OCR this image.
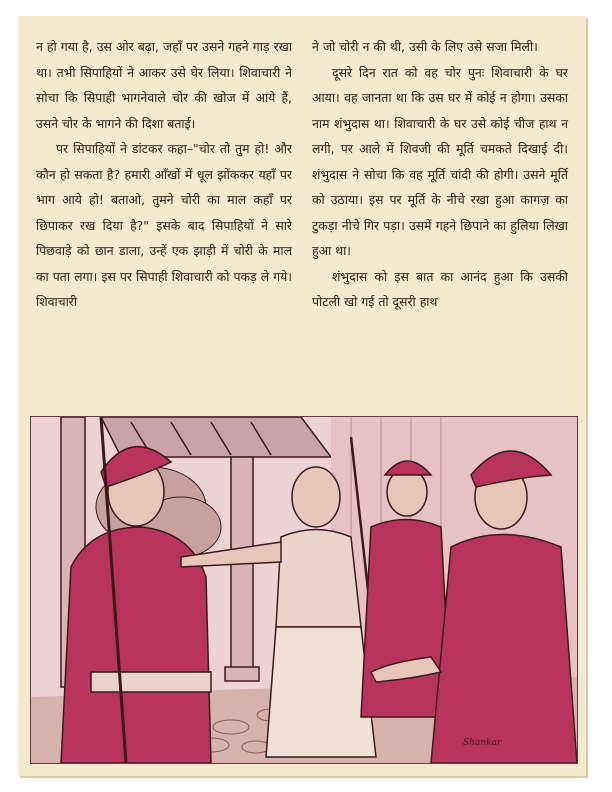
न हो गया है, उस ओर बढ़ा, जहाँ पर उसने गहने गाड़ रखा था। तभी सिपाहियों ने आकर उसे घेर लिया। शिवाचारी ने सोचा कि सिपाही भागनेवाले चोर की खोज में आये हैं, उसने चोर के भागने की दिशा बताई।

पर सिपाहियों ने डांटकर कहा–"चोर तो तुम हो! और कौन हो सकता है? हमारी आँखों में धूल झोंककर यहाँ पर भाग आये हो! बताओ, तुमने चोरी का माल कहाँ पर छिपाकर रख दिया है?" इसके बाद सिपाहियों ने सारे पिछवाड़े को छान डाला, उन्हें एक झाड़ी में चोरी के माल का पता लगा। इस पर सिपाही शिवाचारी को पकड़ ले गये। शिवाचारी

ने जो चोरी न की थी, उसी के लिए उसे सजा मिली।

दूसरे दिन रात को वह चोर पुनः शिवाचारी के घर आया। वह जानता था कि उस घर में कोई न होगा। उसका नाम शंभुदास था। शिवाचारी के घर उसे कोई चीज हाथ न लगी, पर आले में शिवजी की मूर्ति चमकते दिखाई दी। शंभुदास ने सोचा कि वह मूर्ति चांदी की होगी। उसने मूर्ति को उठाया। इस पर मूर्ति के नीचे रखा हुआ कागज़ का टुकड़ा नीचे गिर पड़ा। उसमें गहने छिपाने का हुलिया लिखा हुआ था।

शंभुदास को इस बात का आनंद हुआ कि उसकी पोटली खो गई तो दूसरी हाथ

Shankar
